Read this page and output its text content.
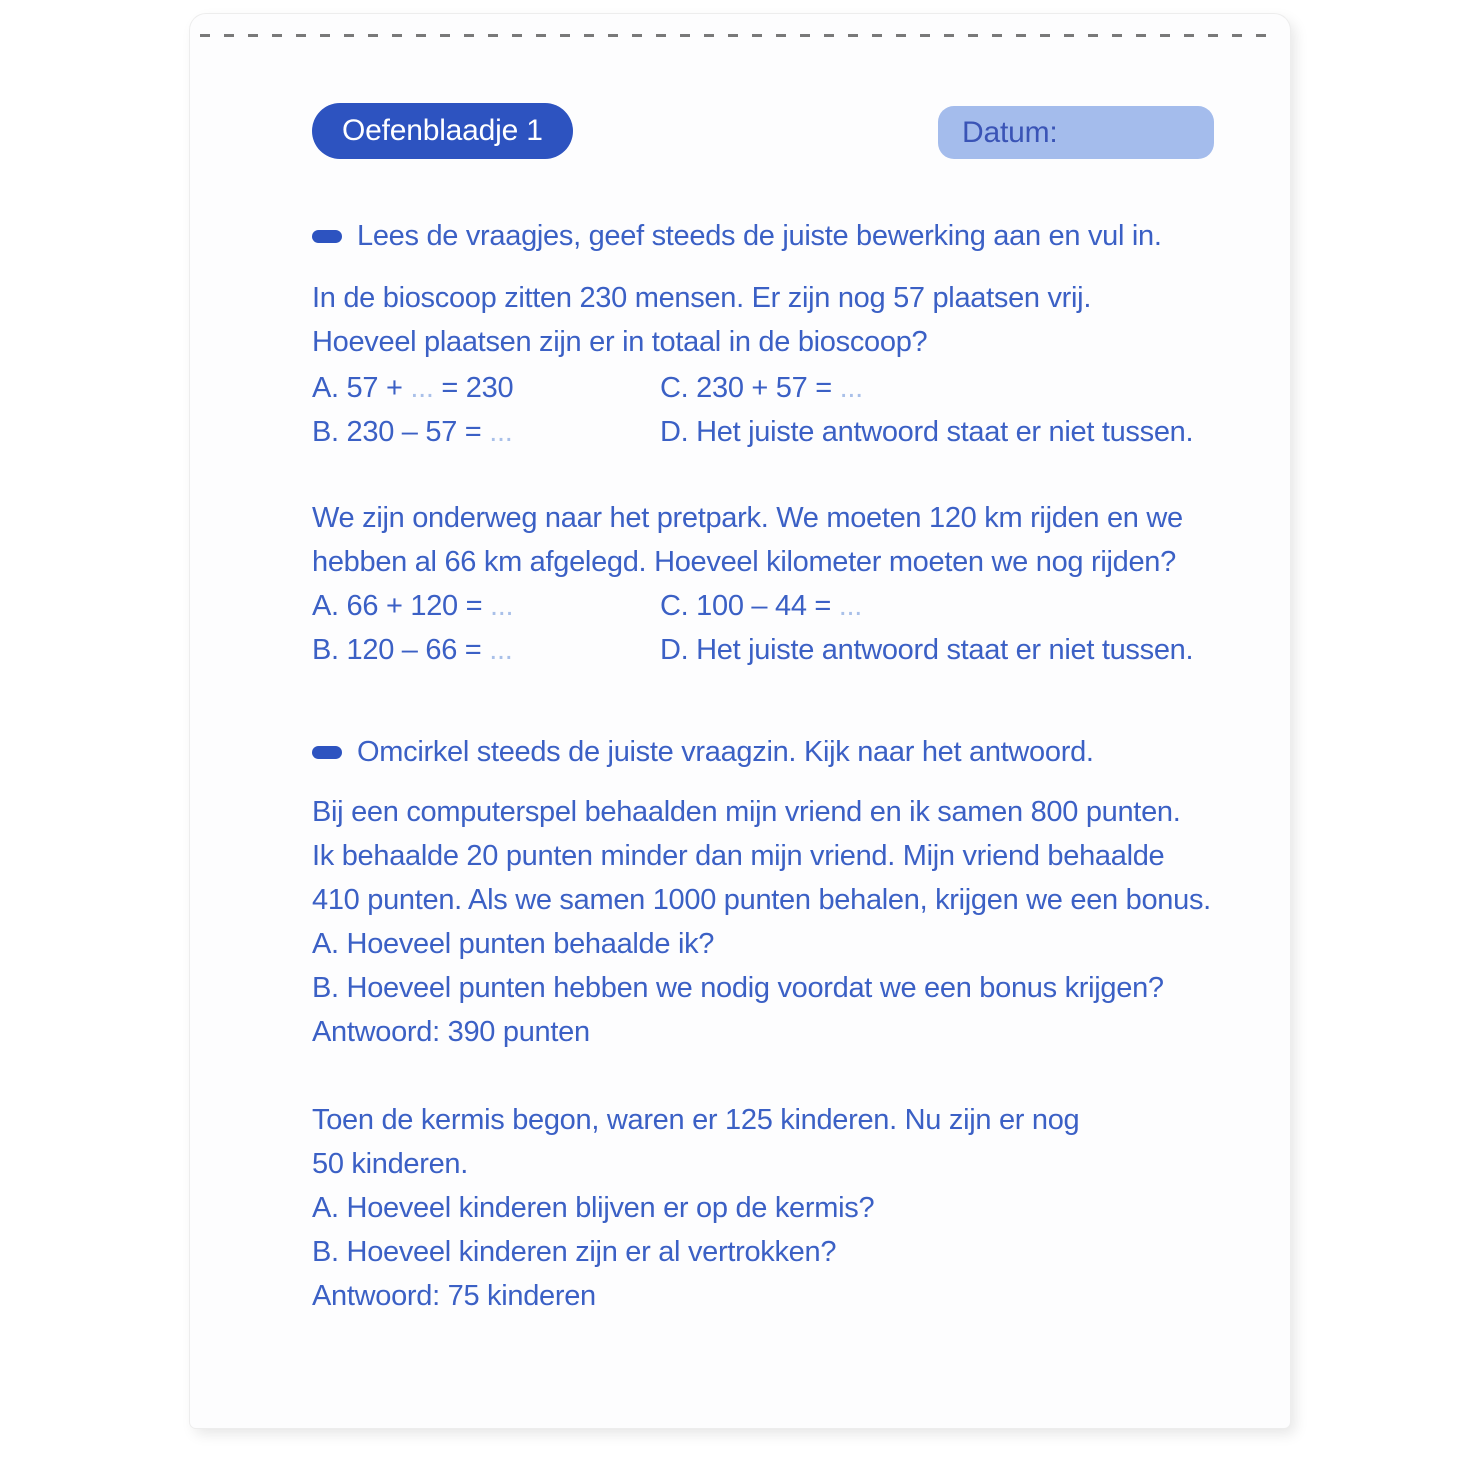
Oefenblaadje 1	Datum:
Lees de vraagjes, geef steeds de juiste bewerking aan en vul in.
In de bioscoop zitten 230 mensen. Er zijn nog 57 plaatsen vrij.
Hoeveel plaatsen zijn er in totaal in de bioscoop?
A. 57 + ... = 230	C. 230 + 57 = ...
B. 230 – 57 = ...	D. Het juiste antwoord staat er niet tussen.
We zijn onderweg naar het pretpark. We moeten 120 km rijden en we
hebben al 66 km afgelegd. Hoeveel kilometer moeten we nog rijden?
A. 66 + 120 = ...	C. 100 – 44 = ...
B. 120 – 66 = ...	D. Het juiste antwoord staat er niet tussen.
Omcirkel steeds de juiste vraagzin. Kijk naar het antwoord.
Bij een computerspel behaalden mijn vriend en ik samen 800 punten.
Ik behaalde 20 punten minder dan mijn vriend. Mijn vriend behaalde
410 punten. Als we samen 1000 punten behalen, krijgen we een bonus.
A. Hoeveel punten behaalde ik?
B. Hoeveel punten hebben we nodig voordat we een bonus krijgen?
Antwoord: 390 punten
Toen de kermis begon, waren er 125 kinderen. Nu zijn er nog
50 kinderen.
A. Hoeveel kinderen blijven er op de kermis?
B. Hoeveel kinderen zijn er al vertrokken?
Antwoord: 75 kinderen
